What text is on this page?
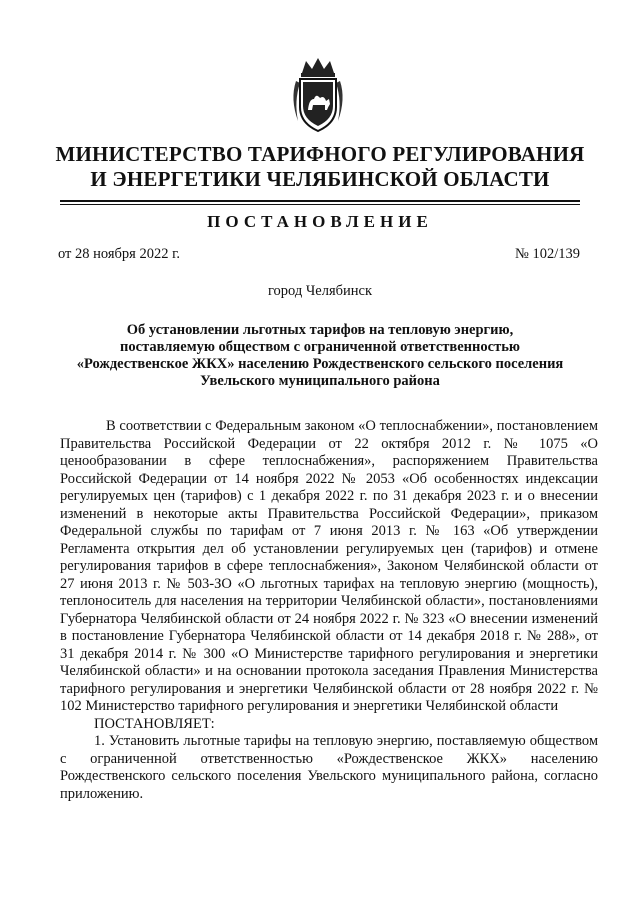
МИНИСТЕРСТВО ТАРИФНОГО РЕГУЛИРОВАНИЯ
И ЭНЕРГЕТИКИ ЧЕЛЯБИНСКОЙ ОБЛАСТИ
ПОСТАНОВЛЕНИЕ
от 28 ноября 2022 г.	№ 102/139
город Челябинск
Об установлении льготных тарифов на тепловую энергию,
поставляемую обществом с ограниченной ответственностью
«Рождественское ЖКХ» населению Рождественского сельского поселения
Увельского муниципального района

В соответствии с Федеральным законом «О теплоснабжении», постановлением Правительства Российской Федерации от 22 октября 2012 г. № 1075 «О ценообразовании в сфере теплоснабжения», распоряжением Правительства Российской Федерации от 14 ноября 2022 № 2053 «Об особенностях индексации регулируемых цен (тарифов) с 1 декабря 2022 г. по 31 декабря 2023 г. и о внесении изменений в некоторые акты Правительства Российской Федерации», приказом Федеральной службы по тарифам от 7 июня 2013 г. № 163 «Об утверждении Регламента открытия дел об установлении регулируемых цен (тарифов) и отмене регулирования тарифов в сфере теплоснабжения», Законом Челябинской области от 27 июня 2013 г. № 503-ЗО «О льготных тарифах на тепловую энергию (мощность), теплоноситель для населения на территории Челябинской области», постановлениями Губернатора Челябинской области от 24 ноября 2022 г. № 323 «О внесении изменений в постановление Губернатора Челябинской области от 14 декабря 2018 г. № 288», от 31 декабря 2014 г. № 300 «О Министерстве тарифного регулирования и энергетики Челябинской области» и на основании протокола заседания Правления Министерства тарифного регулирования и энергетики Челябинской области от 28 ноября 2022 г. № 102 Министерство тарифного регулирования и энергетики Челябинской области

ПОСТАНОВЛЯЕТ:

1. Установить льготные тарифы на тепловую энергию, поставляемую обществом с ограниченной ответственностью «Рождественское ЖКХ» населению Рождественского сельского поселения Увельского муниципального района, согласно приложению.
